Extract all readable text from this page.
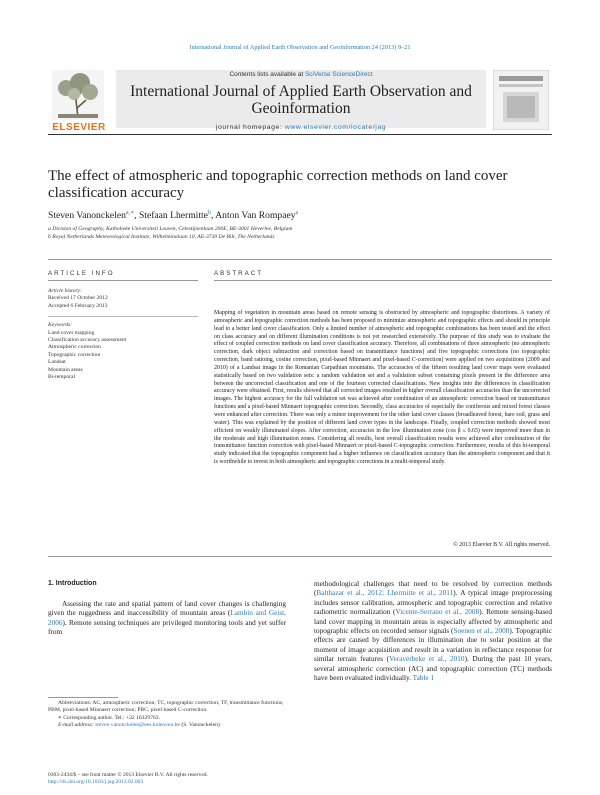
International Journal of Applied Earth Observation and Geoinformation 24 (2013) 9–21
ELSEVIER
Contents lists available at SciVerse ScienceDirect
International Journal of Applied Earth Observation and Geoinformation
journal homepage: www.elsevier.com/locate/jag
The effect of atmospheric and topographic correction methods on land cover classification accuracy
Steven Vanonckelen$^{a,∗}$, Stefaan Lhermitte$^b$, Anton Van Rompaey$^a$
a Division of Geography, Katholieke Universiteit Leuven, Celestijnenlaan 200E, BE-3001 Heverlee, Belgium
b Royal Netherlands Meteorological Institute, Wilhelminalaan 10, AE-3730 De Bilt, The Netherlands
ARTICLE INFO	ABSTRACT
Article history:
Received 17 October 2012
Accepted 6 February 2013
Keywords:
Land cover mapping
Classification accuracy assessment
Atmospheric correction
Topographic correction
Landsat
Mountain areas
Bi-temporal
Mapping of vegetation in mountain areas based on remote sensing is obstructed by atmospheric and topographic distortions. A variety of atmospheric and topographic correction methods has been proposed to minimize atmospheric and topographic effects and should in principle lead to a better land cover classification. Only a limited number of atmospheric and topographic combinations has been tested and the effect on class accuracy and on different illumination conditions is not yet researched extensively. The purpose of this study was to evaluate the effect of coupled correction methods on land cover classification accuracy. Therefore, all combinations of three atmospheric (no atmospheric correction, dark object subtraction and correction based on transmittance functions) and five topographic corrections (no topographic correction, band ratioing, cosine correction, pixel-based Minnaert and pixel-based C-correction) were applied on two acquisitions (2009 and 2010) of a Landsat image in the Romanian Carpathian mountains. The accuracies of the fifteen resulting land cover maps were evaluated statistically based on two validation sets: a random validation set and a validation subset containing pixels present in the difference area between the uncorrected classification and one of the fourteen corrected classifications. New insights into the differences in classification accuracy were obtained. First, results showed that all corrected images resulted in higher overall classification accuracies than the uncorrected images. The highest accuracy for the full validation set was achieved after combination of an atmospheric correction based on transmittance functions and a pixel-based Minnaert topographic correction. Secondly, class accuracies of especially the coniferous and mixed forest classes were enhanced after correction. There was only a minor improvement for the other land cover classes (broadleaved forest, bare soil, grass and water). This was explained by the position of different land cover types in the landscape. Finally, coupled correction methods showed most efficient on weakly illuminated slopes. After correction, accuracies in the low illumination zone (cos β ≤ 0.65) were improved more than in the moderate and high illumination zones. Considering all results, best overall classification results were achieved after combination of the transmittance function correction with pixel-based Minnaert or pixel-based C-topographic correction. Furthermore, results of this bi-temporal study indicated that the topographic component had a higher influence on classification accuracy than the atmospheric component and that it is worthwhile to invest in both atmospheric and topographic corrections in a multi-temporal study.
© 2013 Elsevier B.V. All rights reserved.
1. Introduction

Assessing the rate and spatial pattern of land cover changes is challenging given the ruggedness and inaccessibility of mountain areas (Lambin and Geist, 2006). Remote sensing techniques are privileged monitoring tools and yet suffer from

methodological challenges that need to be resolved by correction methods (Balthazar et al., 2012; Lhermitte et al., 2011). A typical image preprocessing includes sensor calibration, atmospheric and topographic correction and relative radiometric normalization (Vicente-Serrano et al., 2008). Remote sensing-based land cover mapping in mountain areas is especially affected by atmospheric and topographic effects on recorded sensor signals (Soenen et al., 2008). Topographic effects are caused by differences in illumination due to solar position at the moment of image acquisition and result in a variation in reflectance response for similar terrain features (Veraverbeke et al., 2010). During the past 10 years, several atmospheric correction (AC) and topographic correction (TC) methods have been evaluated individually. Table 1

Abbreviations: AC, atmospheric correction; TC, topographic correction; TF, transmittance functions; PBM, pixel-based Minnaert correction; PBC, pixel-based C-correction.
∗ Corresponding author. Tel.: +32 16329763.
E-mail address: steven.vanonckelen@ees.kuleuven.be (S. Vanonckelen).
0303-2434/$ – see front matter © 2013 Elsevier B.V. All rights reserved.
http://dx.doi.org/10.1016/j.jag.2013.02.003
